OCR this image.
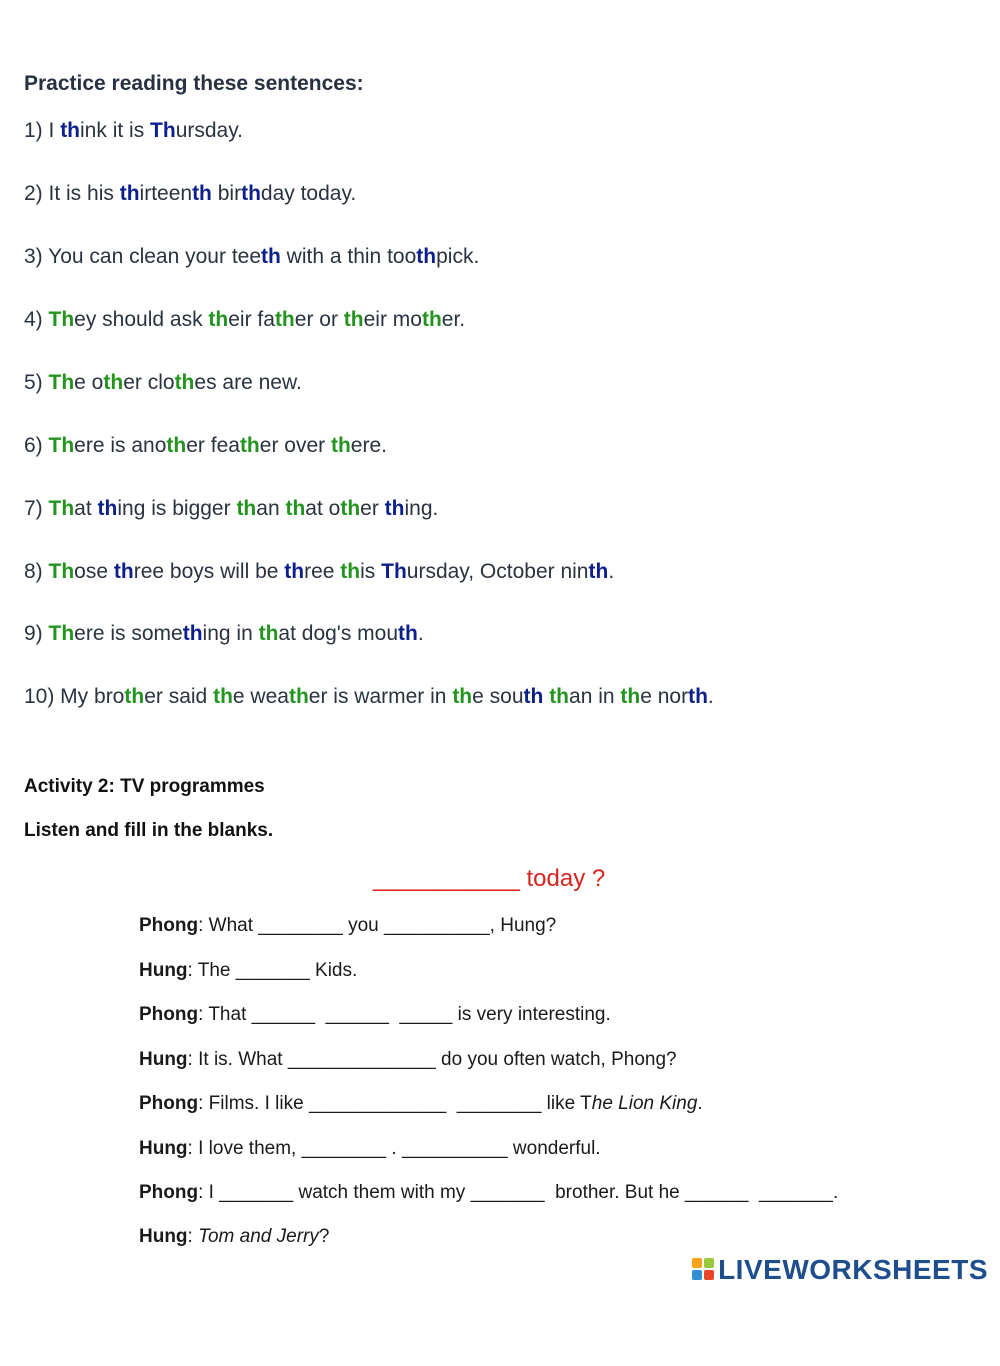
Practice reading these sentences:
1) I think it is Thursday.
2) It is his thirteenth birthday today.
3) You can clean your teeth with a thin toothpick.
4) They should ask their father or their mother.
5) The other clothes are new.
6) There is another feather over there.
7) That thing is bigger than that other thing.
8) Those three boys will be three this Thursday, October ninth.
9) There is something in that dog's mouth.
10) My brother said the weather is warmer in the south than in the north.
Activity 2: TV programmes
Listen and fill in the blanks.
___________ today ?
Phong: What ________ you __________, Hung?
Hung: The _______ Kids.
Phong: That ______  ______  _____ is very interesting.
Hung: It is. What ______________ do you often watch, Phong?
Phong: Films. I like _____________  ________ like The Lion King.
Hung: I love them, ________ . __________ wonderful.
Phong: I _______ watch them with my _______  brother. But he ______  _______.
Hung: Tom and Jerry?

LIVEWORKSHEETS
